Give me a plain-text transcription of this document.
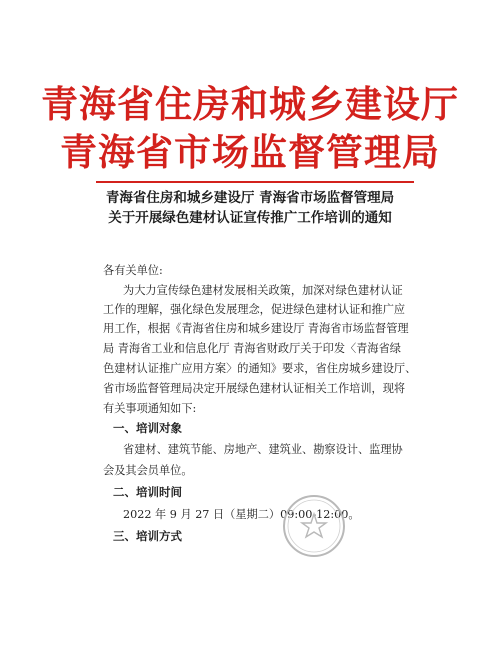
青海省住房和城乡建设厅
青海省市场监督管理局
青海省住房和城乡建设厅 青海省市场监督管理局
关于开展绿色建材认证宣传推广工作培训的通知
各有关单位:
为大力宣传绿色建材发展相关政策，加深对绿色建材认证
工作的理解，强化绿色发展理念，促进绿色建材认证和推广应
用工作，根据《青海省住房和城乡建设厅 青海省市场监督管理
局 青海省工业和信息化厅 青海省财政厅关于印发〈青海省绿
色建材认证推广应用方案〉的通知》要求，省住房城乡建设厅、
省市场监督管理局决定开展绿色建材认证相关工作培训，现将
有关事项通知如下:
一、培训对象
省建材、建筑节能、房地产、建筑业、勘察设计、监理协
会及其会员单位。
二、培训时间
2022 年 9 月 27 日（星期二）09:00-12:00。
三、培训方式
